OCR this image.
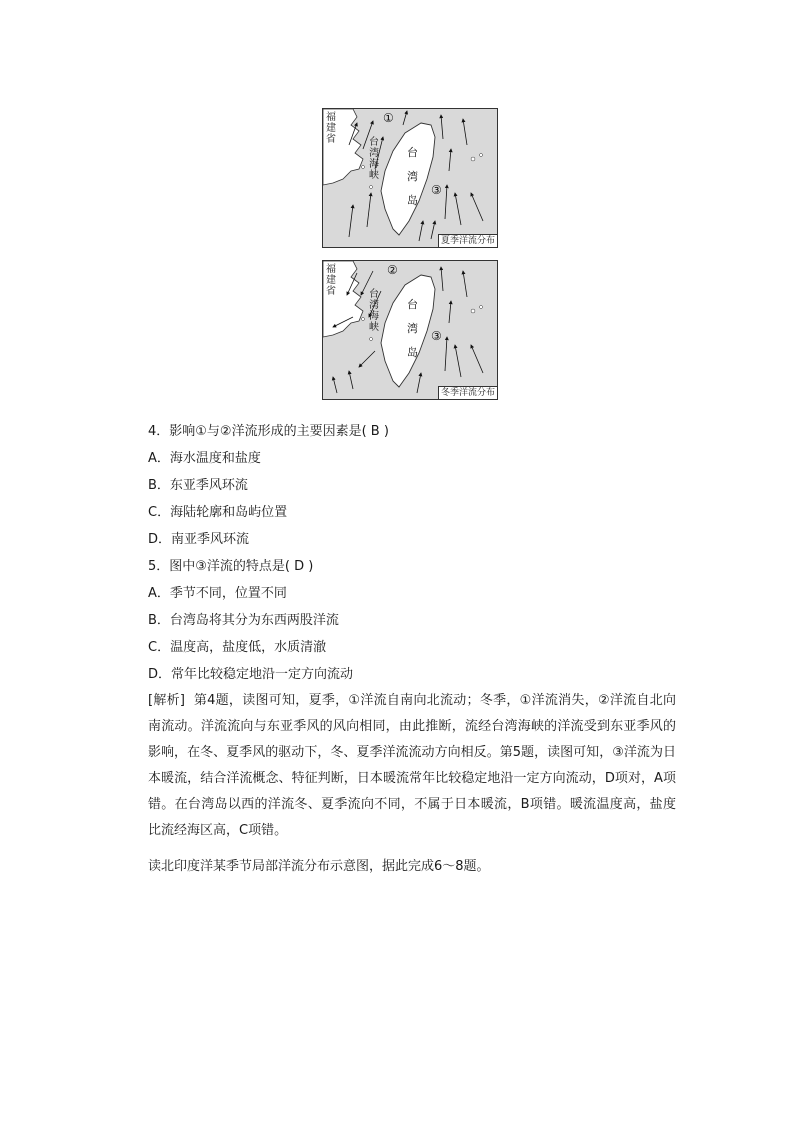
福建省	台湾海峡
台湾岛
①
③
夏季洋流分布
福建省	台湾海峡
台湾岛
②
③
冬季洋流分布
4．影响①与②洋流形成的主要因素是( B )
A．海水温度和盐度
B．东亚季风环流
C．海陆轮廓和岛屿位置
D．南亚季风环流
5．图中③洋流的特点是( D )
A．季节不同，位置不同
B．台湾岛将其分为东西两股洋流
C．温度高，盐度低，水质清澈
D．常年比较稳定地沿一定方向流动
[解析] 第4题，读图可知，夏季，①洋流自南向北流动；冬季，①洋流消失，②洋流自北向南流动。洋流流向与东亚季风的风向相同，由此推断，流经台湾海峡的洋流受到东亚季风的影响，在冬、夏季风的驱动下，冬、夏季洋流流动方向相反。第5题，读图可知，③洋流为日本暖流，结合洋流概念、特征判断，日本暖流常年比较稳定地沿一定方向流动，D项对，A项错。在台湾岛以西的洋流冬、夏季流向不同，不属于日本暖流，B项错。暖流温度高，盐度比流经海区高，C项错。
读北印度洋某季节局部洋流分布示意图，据此完成6～8题。
